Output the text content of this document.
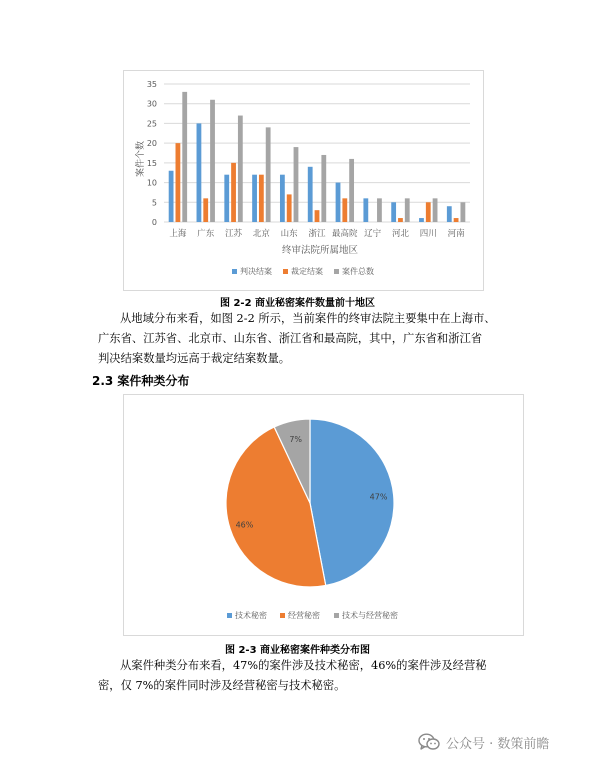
0
5
10
15
20
25
30
35
上海 广东 江苏 北京 山东 浙江 最高院 辽宁 河北 四川 河南
案件个数
终审法院所属地区
判决结案 裁定结案 案件总数
图 2-2 商业秘密案件数量前十地区
从地域分布来看，如图 2-2 所示，当前案件的终审法院主要集中在上海市、
广东省、江苏省、北京市、山东省、浙江省和最高院，其中，广东省和浙江省
判决结案数量均远高于裁定结案数量。
2.3 案件种类分布
47%
46%
7%
技术秘密	经营秘密	技术与经营秘密
图 2-3 商业秘密案件种类分布图
从案件种类分布来看，47%的案件涉及技术秘密，46%的案件涉及经营秘
密，仅 7%的案件同时涉及经营秘密与技术秘密。
公众号 · 数策前瞻
